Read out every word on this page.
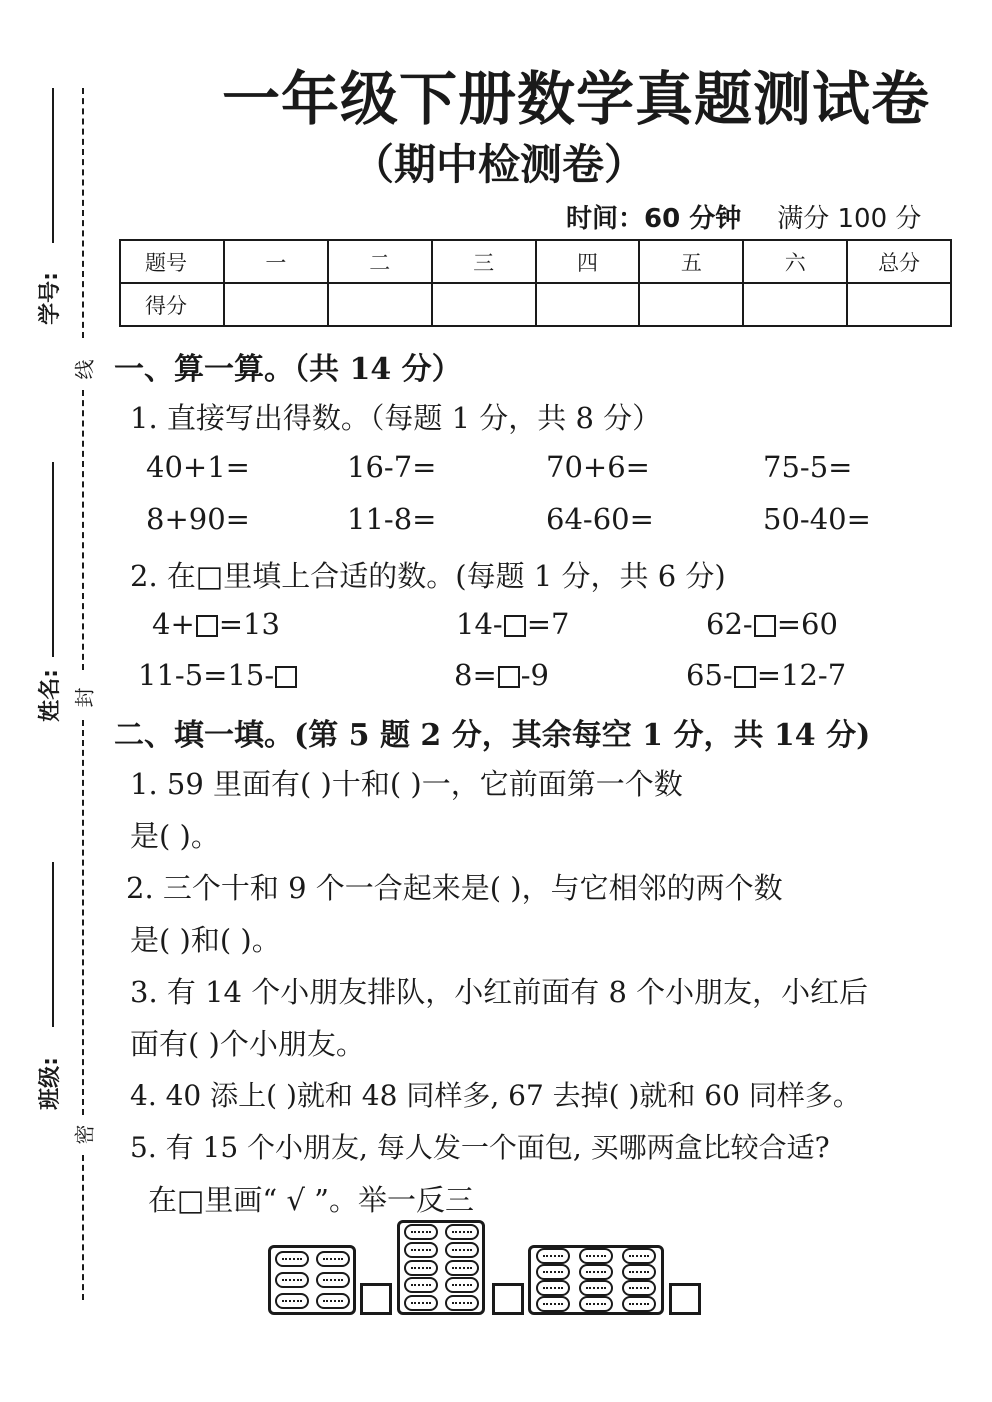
一年级下册数学真题测试卷
（期中检测卷）
时间：60 分钟 满分 100 分
学号:
姓名:
班级:
线
封
密
题号	一	二	三	四	五	六	总分
得分							
一、算一算。（共 14 分）
1. 直接写出得数。（每题 1 分，共 8 分）
40+1=	16-7=	70+6=	75-5=
8+90=	11-8=	64-60=	50-40=
2. 在□里填上合适的数。(每题 1 分，共 6 分)
4+ =13	14- =7	62- =60
11-5=15-	8= -9	65- =12-7
二、填一填。(第 5 题 2 分，其余每空 1 分，共 14 分)
1. 59 里面有( )十和( )一，它前面第一个数
是( )。
2. 三个十和 9 个一合起来是( )，与它相邻的两个数
是( )和( )。
3. 有 14 个小朋友排队，小红前面有 8 个小朋友，小红后
面有( )个小朋友。
4. 40 添上( )就和 48 同样多, 67 去掉( )就和 60 同样多。
5. 有 15 个小朋友, 每人发一个面包, 买哪两盒比较合适?
在□里画“ √ ”。举一反三
